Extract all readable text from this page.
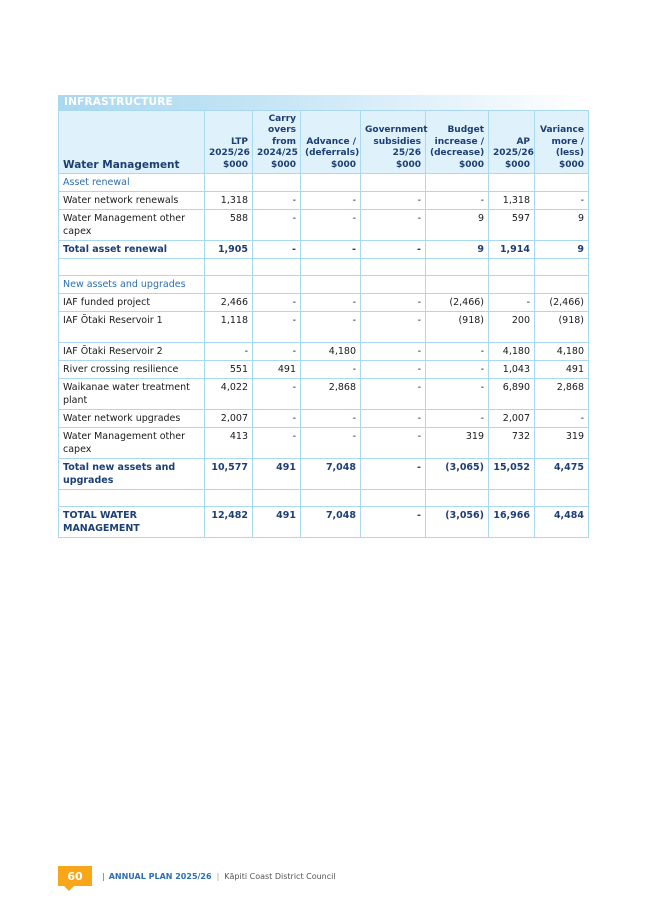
INFRASTRUCTURE
Water Management	LTP 2025/26 $000	Carry overs from 2024/25 $000	Advance / (deferrals) $000	Government subsidies 25/26 $000	Budget increase / (decrease) $000	AP 2025/26 $000	Variance more / (less) $000
Asset renewal							
Water network renewals	1,318	-	-	-	-	1,318	-
Water Management other capex	588	-	-	-	9	597	9
Total asset renewal	1,905	-	-	-	9	1,914	9

New assets and upgrades							
IAF funded project	2,466	-	-	-	(2,466)	-	(2,466)
IAF Ōtaki Reservoir 1	1,118	-	-	-	(918)	200	(918)
IAF Ōtaki Reservoir 2	-	-	4,180	-	-	4,180	4,180
River crossing resilience	551	491	-	-	-	1,043	491
Waikanae water treatment plant	4,022	-	2,868	-	-	6,890	2,868
Water network upgrades	2,007	-	-	-	-	2,007	-
Water Management other capex	413	-	-	-	319	732	319
Total new assets and upgrades	10,577	491	7,048	-	(3,065)	15,052	4,475

TOTAL WATER MANAGEMENT	12,482	491	7,048	-	(3,056)	16,966	4,484
60	| ANNUAL PLAN 2025/26 | Kāpiti Coast District Council
